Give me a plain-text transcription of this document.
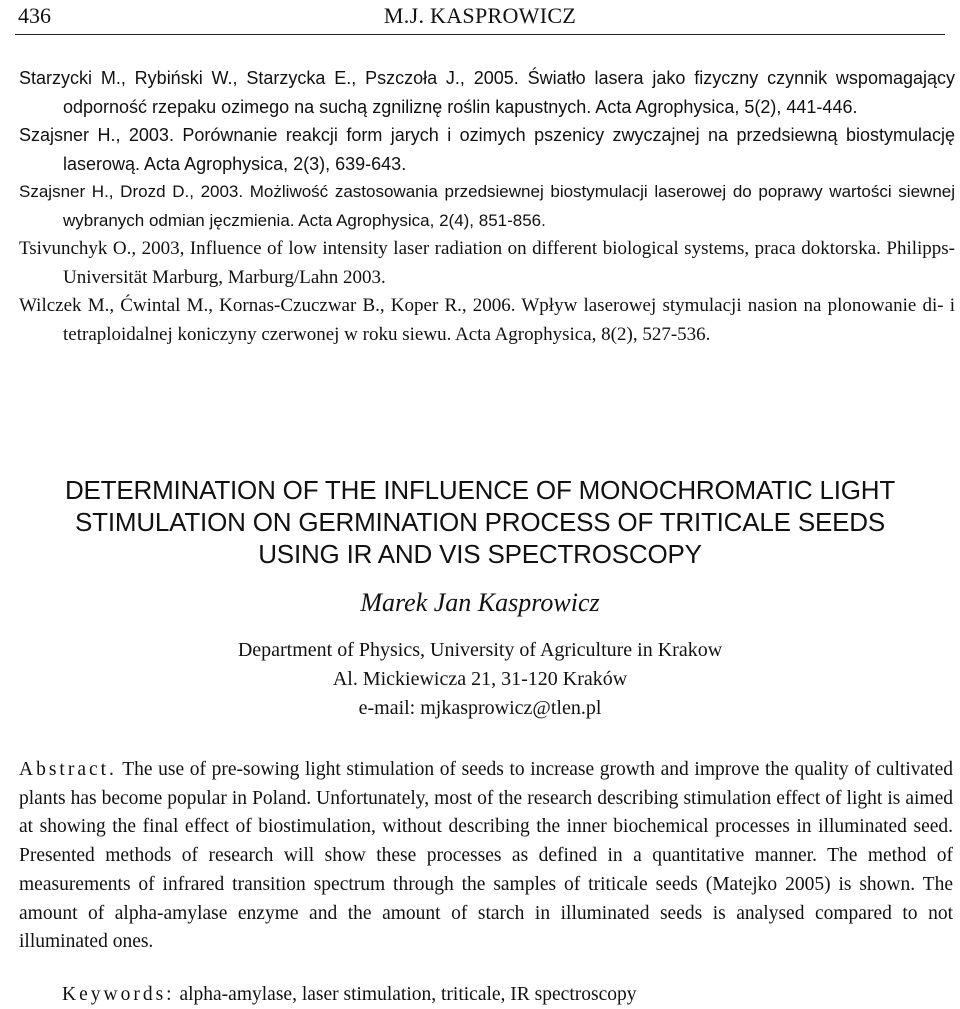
436	M.J. KASPROWICZ

Starzycki M., Rybiński W., Starzycka E., Pszczoła J., 2005. Światło lasera jako fizyczny czynnik wspomagający odporność rzepaku ozimego na suchą zgniliznę roślin kapustnych. Acta Agrophysica, 5(2), 441-446.

Szajsner H., 2003. Porównanie reakcji form jarych i ozimych pszenicy zwyczajnej na przedsiewną biostymulację laserową. Acta Agrophysica, 2(3), 639-643.

Szajsner H., Drozd D., 2003. Możliwość zastosowania przedsiewnej biostymulacji laserowej do poprawy wartości siewnej wybranych odmian jęczmienia. Acta Agrophysica, 2(4), 851-856.

Tsivunchyk O., 2003, Influence of low intensity laser radiation on different biological systems, praca doktorska. Philipps-Universität Marburg, Marburg/Lahn 2003.

Wilczek M., Ćwintal M., Kornas-Czuczwar B., Koper R., 2006. Wpływ laserowej stymulacji nasion na plonowanie di- i tetraploidalnej koniczyny czerwonej w roku siewu. Acta Agrophysica, 8(2), 527-536.

DETERMINATION OF THE INFLUENCE OF MONOCHROMATIC LIGHT
STIMULATION ON GERMINATION PROCESS OF TRITICALE SEEDS
USING IR AND VIS SPECTROSCOPY
Marek Jan Kasprowicz
Department of Physics, University of Agriculture in Krakow
Al. Mickiewicza 21, 31-120 Kraków
e-mail: mjkasprowicz@tlen.pl

Abstract. The use of pre-sowing light stimulation of seeds to increase growth and improve the quality of cultivated plants has become popular in Poland. Unfortunately, most of the research describing stimulation effect of light is aimed at showing the final effect of biostimulation, without describing the inner biochemical processes in illuminated seed. Presented methods of research will show these processes as defined in a quantitative manner. The method of measurements of infrared transition spectrum through the samples of triticale seeds (Matejko 2005) is shown. The amount of alpha-amylase enzyme and the amount of starch in illuminated seeds is analysed compared to not illuminated ones.

Keywords: alpha-amylase, laser stimulation, triticale, IR spectroscopy
